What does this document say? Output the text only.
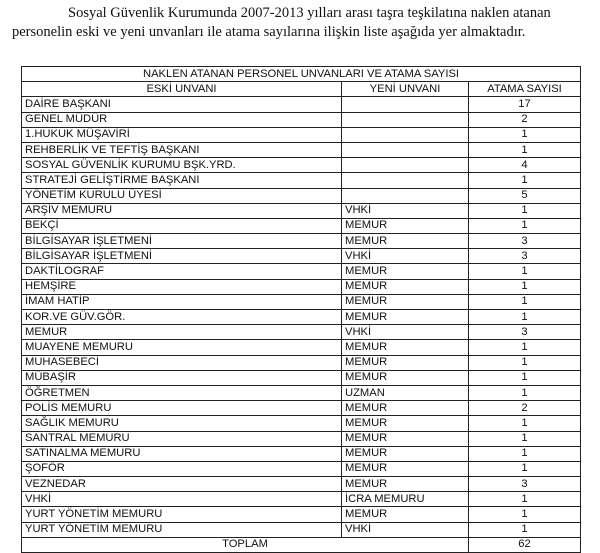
Sosyal Güvenlik Kurumunda 2007-2013 yılları arası taşra teşkilatına naklen atanan
personelin eski ve yeni unvanları ile atama sayılarına ilişkin liste aşağıda yer almaktadır.

NAKLEN ATANAN PERSONEL UNVANLARI VE ATAMA SAYISI		
ESKİ UNVANI	YENİ UNVANI	ATAMA SAYISI
DAİRE BAŞKANI		17
GENEL MÜDÜR		2
1.HUKUK MÜŞAVİRİ		1
REHBERLİK VE TEFTİŞ BAŞKANI		1
SOSYAL GÜVENLİK KURUMU BŞK.YRD.		4
STRATEJİ GELİŞTİRME BAŞKANI		1
YÖNETİM KURULU ÜYESİ		5
ARŞİV MEMURU	VHKİ	1
BEKÇİ	MEMUR	1
BİLGİSAYAR İŞLETMENİ	MEMUR	3
BİLGİSAYAR İŞLETMENİ	VHKİ	3
DAKTİLOGRAF	MEMUR	1
HEMŞİRE	MEMUR	1
İMAM HATİP	MEMUR	1
KOR.VE GÜV.GÖR.	MEMUR	1
MEMUR	VHKİ	3
MUAYENE MEMURU	MEMUR	1
MUHASEBECİ	MEMUR	1
MÜBAŞİR	MEMUR	1
ÖĞRETMEN	UZMAN	1
POLİS MEMURU	MEMUR	2
SAĞLIK MEMURU	MEMUR	1
SANTRAL MEMURU	MEMUR	1
SATINALMA MEMURU	MEMUR	1
ŞOFÖR	MEMUR	1
VEZNEDAR	MEMUR	3
VHKİ	İCRA MEMURU	1
YURT YÖNETİM MEMURU	MEMUR	1
YURT YÖNETİM MEMURU	VHKİ	1
TOPLAM		62
